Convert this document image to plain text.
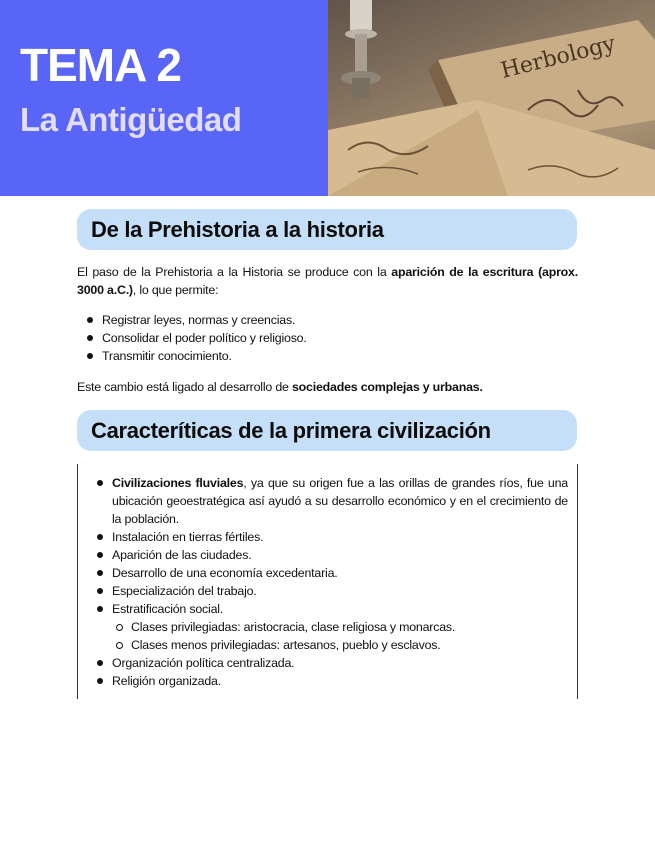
TEMA 2
La Antigüedad
Herbology
De la Prehistoria a la historia

El paso de la Prehistoria a la Historia se produce con la aparición de la escritura (aprox. 3000 a.C.), lo que permite:

Registrar leyes, normas y creencias.
Consolidar el poder político y religioso.
Transmitir conocimiento.

Este cambio está ligado al desarrollo de sociedades complejas y urbanas.

Caracteríticas de la primera civilización
Civilizaciones fluviales, ya que su origen fue a las orillas de grandes ríos, fue una ubicación geoestratégica así ayudó a su desarrollo económico y en el crecimiento de la población.
Instalación en tierras fértiles.
Aparición de las ciudades.
Desarrollo de una economía excedentaria.
Especialización del trabajo.
Estratificación social.
Clases privilegiadas: aristocracia, clase religiosa y monarcas.
Clases menos privilegiadas: artesanos, pueblo y esclavos.
Organización política centralizada.
Religión organizada.
